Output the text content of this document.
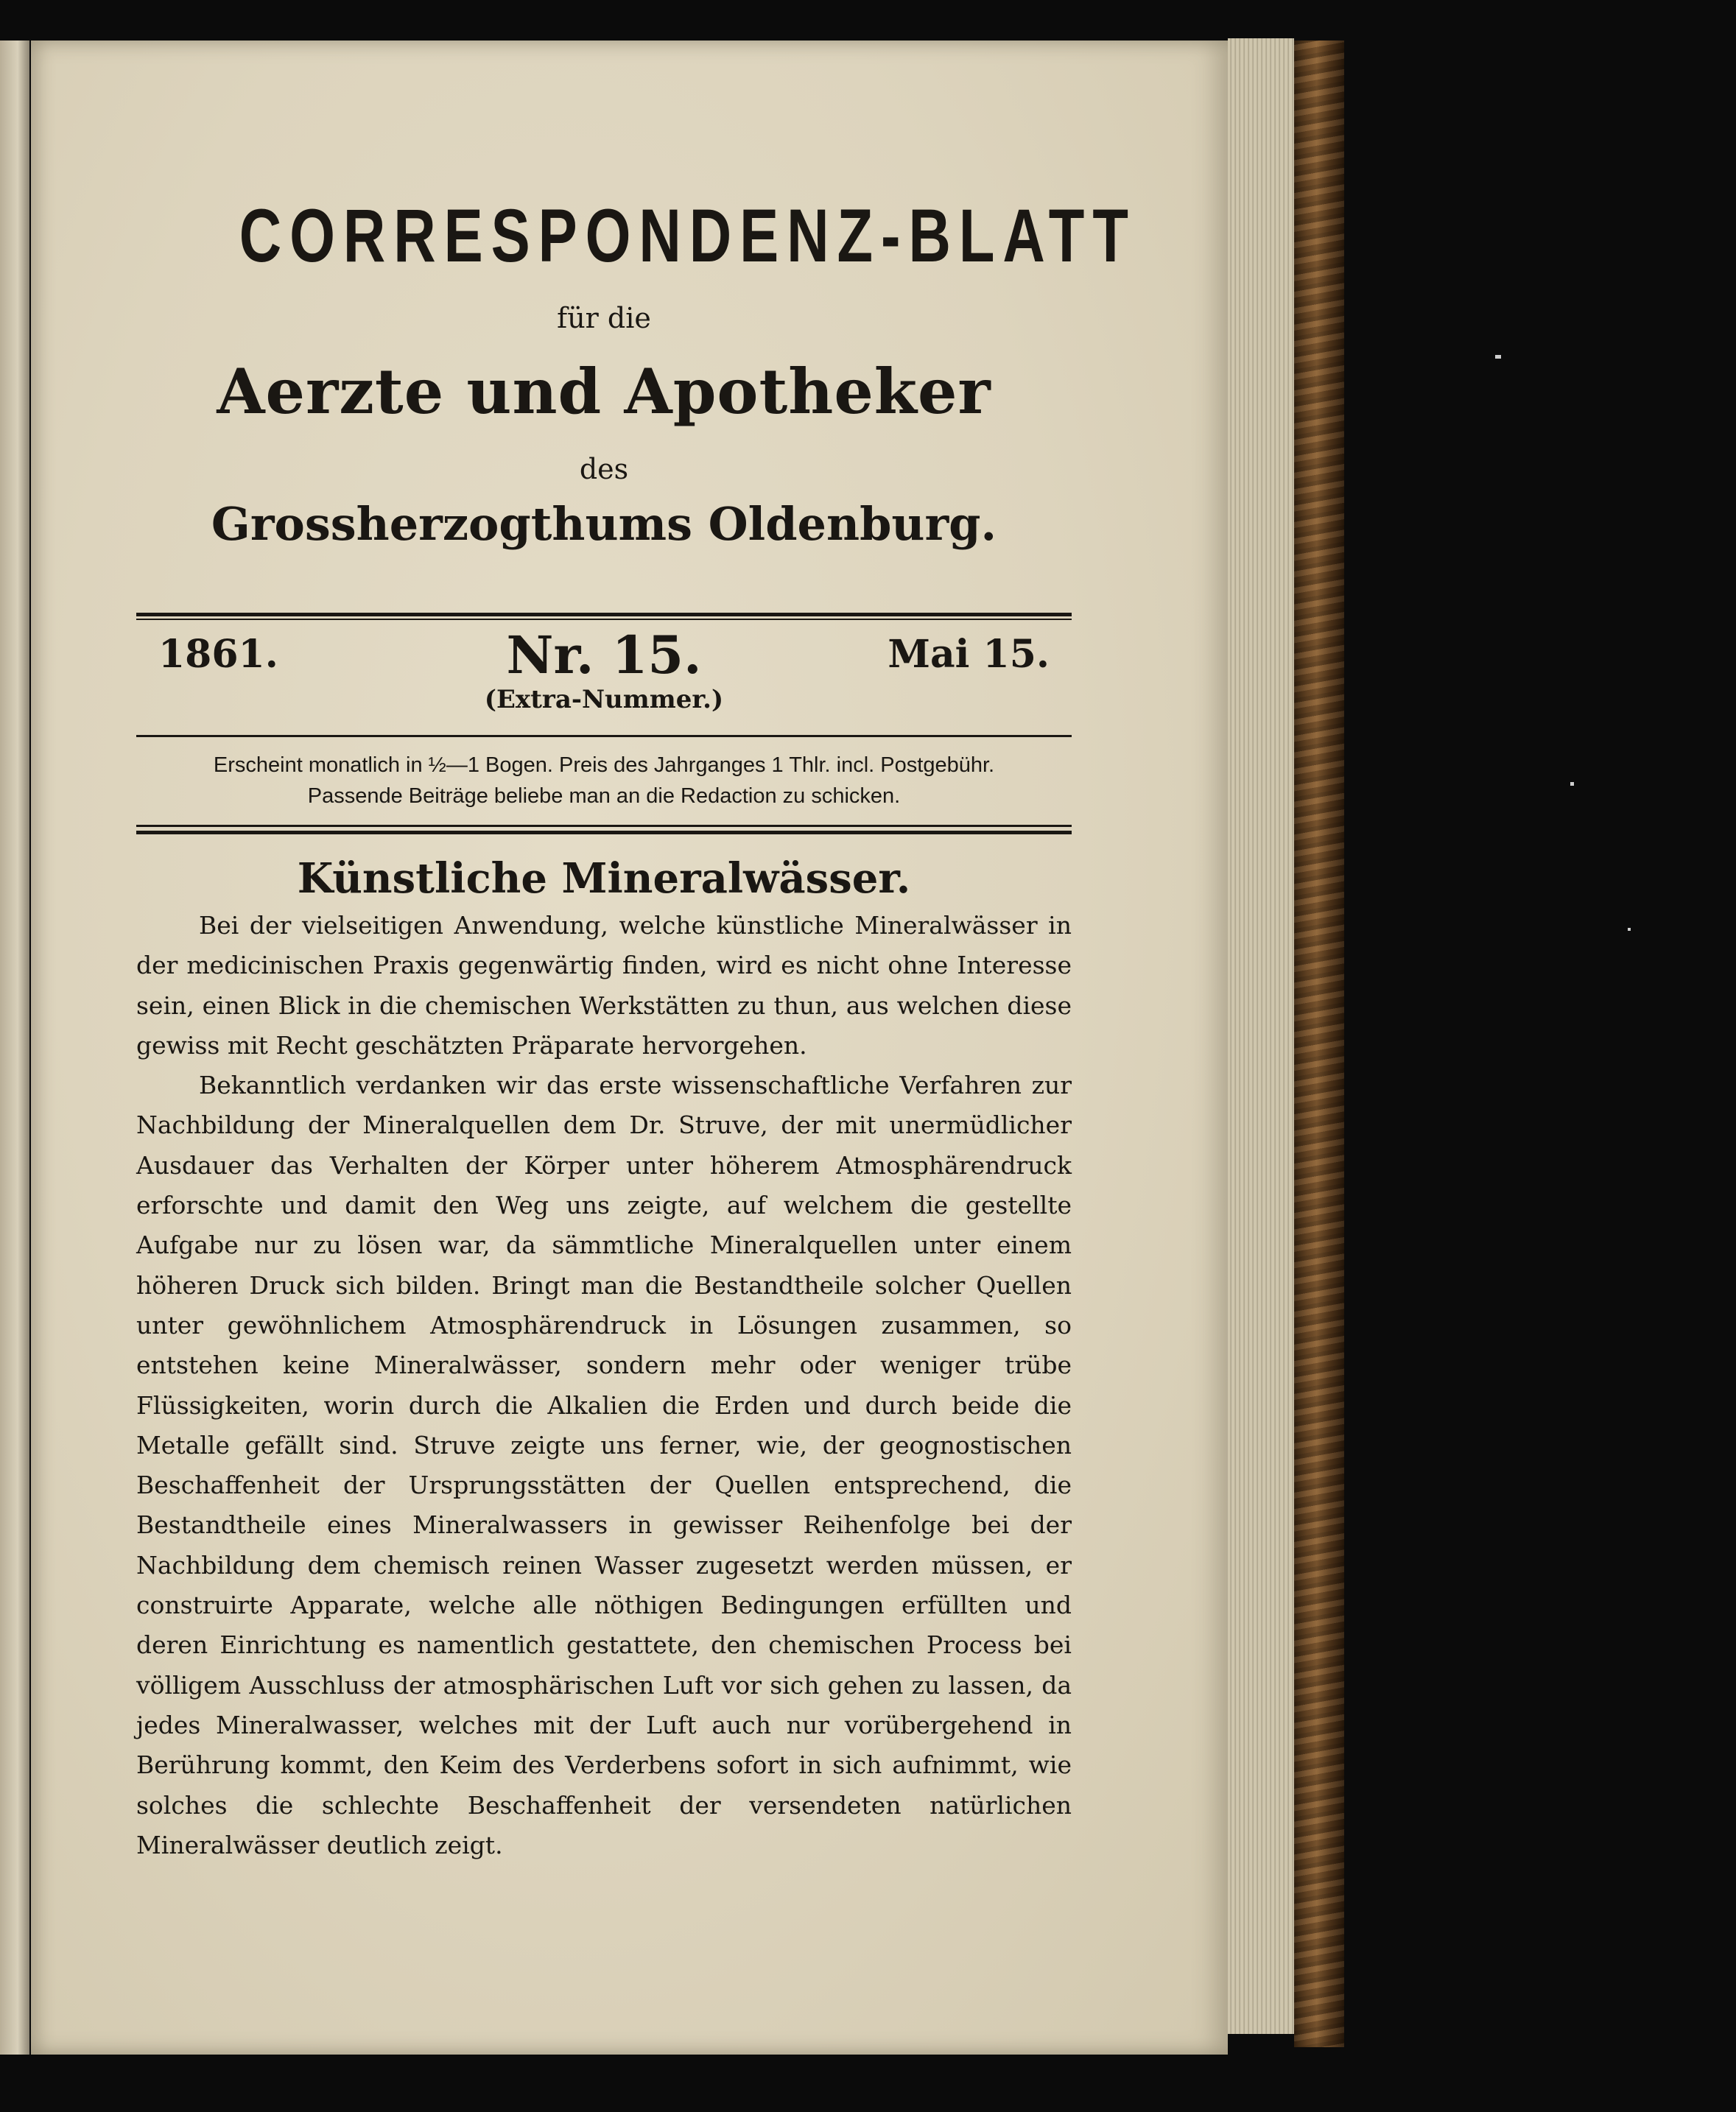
CORRESPONDENZ-BLATT
für die
Aerzte und Apotheker
des
Grossherzogthums Oldenburg.
1861.	Nr. 15.	Mai 15.
(Extra-Nummer.)
Erscheint monatlich in ½—1 Bogen. Preis des Jahrganges 1 Thlr. incl. Postgebühr.
Passende Beiträge beliebe man an die Redaction zu schicken.
Künstliche Mineralwässer.

Bei der vielseitigen Anwendung, welche künstliche Mineralwässer in der medicinischen Praxis gegenwärtig finden, wird es nicht ohne Interesse sein, einen Blick in die chemischen Werkstätten zu thun, aus welchen diese gewiss mit Recht geschätzten Präparate hervorgehen.

Bekanntlich verdanken wir das erste wissenschaftliche Verfahren zur Nachbildung der Mineralquellen dem Dr. Struve, der mit unermüdlicher Ausdauer das Verhalten der Körper unter höherem Atmosphärendruck erforschte und damit den Weg uns zeigte, auf welchem die gestellte Aufgabe nur zu lösen war, da sämmtliche Mineralquellen unter einem höheren Druck sich bilden. Bringt man die Bestandtheile solcher Quellen unter gewöhnlichem Atmosphärendruck in Lösungen zusammen, so entstehen keine Mineralwässer, sondern mehr oder weniger trübe Flüssigkeiten, worin durch die Alkalien die Erden und durch beide die Metalle gefällt sind. Struve zeigte uns ferner, wie, der geognostischen Beschaffenheit der Ursprungsstätten der Quellen entsprechend, die Bestandtheile eines Mineralwassers in gewisser Reihenfolge bei der Nachbildung dem chemisch reinen Wasser zugesetzt werden müssen, er construirte Apparate, welche alle nöthigen Bedingungen erfüllten und deren Einrichtung es namentlich gestattete, den chemischen Process bei völligem Ausschluss der atmosphärischen Luft vor sich gehen zu lassen, da jedes Mineralwasser, welches mit der Luft auch nur vorübergehend in Berührung kommt, den Keim des Verderbens sofort in sich aufnimmt, wie solches die schlechte Beschaffenheit der versendeten natürlichen Mineralwässer deutlich zeigt.
